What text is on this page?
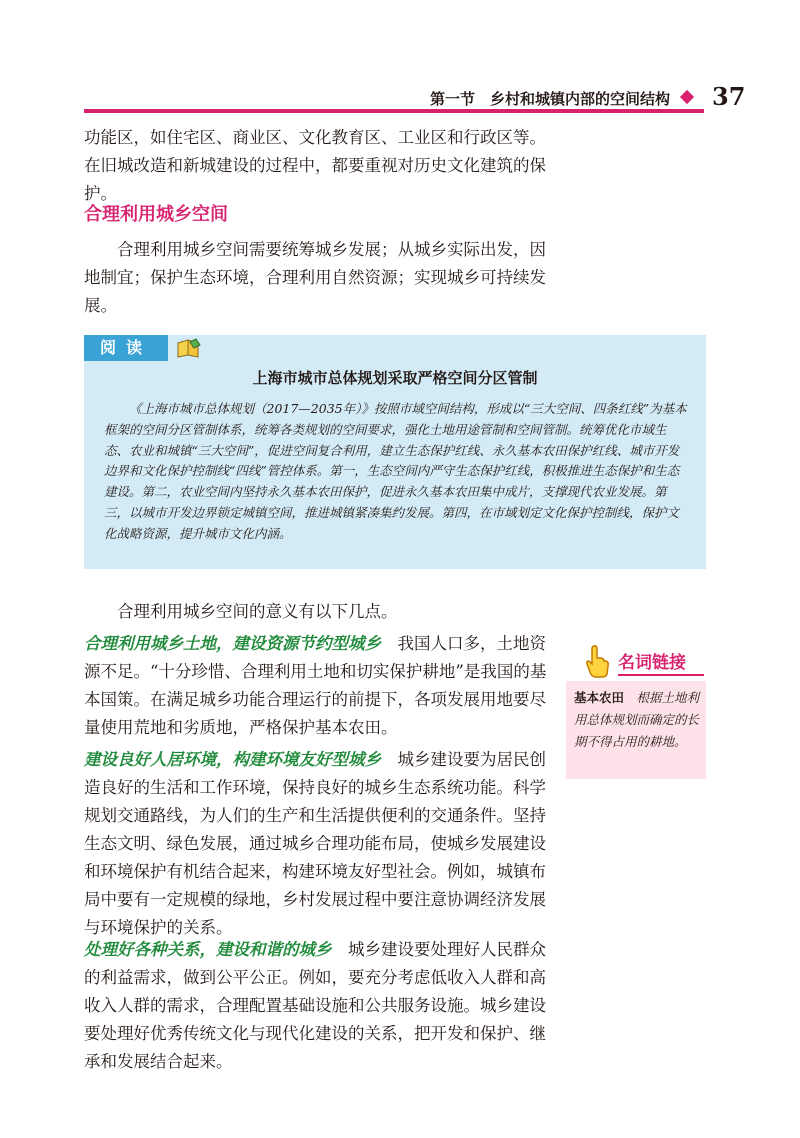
第一节　乡村和城镇内部的空间结构 37

功能区，如住宅区、商业区、文化教育区、工业区和行政区等。在旧城改造和新城建设的过程中，都要重视对历史文化建筑的保护。

合理利用城乡空间

合理利用城乡空间需要统筹城乡发展；从城乡实际出发，因地制宜；保护生态环境，合理利用自然资源；实现城乡可持续发展。

阅读
上海市城市总体规划采取严格空间分区管制

《上海市城市总体规划（2017—2035年）》按照市域空间结构，形成以“三大空间、四条红线”为基本框架的空间分区管制体系，统筹各类规划的空间要求，强化土地用途管制和空间管制。统筹优化市域生态、农业和城镇“三大空间”，促进空间复合利用，建立生态保护红线、永久基本农田保护红线、城市开发边界和文化保护控制线“四线”管控体系。第一，生态空间内严守生态保护红线，积极推进生态保护和生态建设。第二，农业空间内坚持永久基本农田保护，促进永久基本农田集中成片，支撑现代农业发展。第三，以城市开发边界锁定城镇空间，推进城镇紧凑集约发展。第四，在市域划定文化保护控制线，保护文化战略资源，提升城市文化内涵。

合理利用城乡空间的意义有以下几点。

合理利用城乡土地，建设资源节约型城乡　 我国人口多，土地资源不足。“十分珍惜、合理利用土地和切实保护耕地”是我国的基本国策。在满足城乡功能合理运行的前提下，各项发展用地要尽量使用荒地和劣质地，严格保护基本农田。

建设良好人居环境，构建环境友好型城乡　 城乡建设要为居民创造良好的生活和工作环境，保持良好的城乡生态系统功能。科学规划交通路线，为人们的生产和生活提供便利的交通条件。坚持生态文明、绿色发展，通过城乡合理功能布局，使城乡发展建设和环境保护有机结合起来，构建环境友好型社会。例如，城镇布局中要有一定规模的绿地，乡村发展过程中要注意协调经济发展与环境保护的关系。

处理好各种关系，建设和谐的城乡　 城乡建设要处理好人民群众的利益需求，做到公平公正。例如，要充分考虑低收入人群和高收入人群的需求，合理配置基础设施和公共服务设施。城乡建设要处理好优秀传统文化与现代化建设的关系，把开发和保护、继承和发展结合起来。

名词链接

基本农田　 根据土地利用总体规划而确定的长期不得占用的耕地。
